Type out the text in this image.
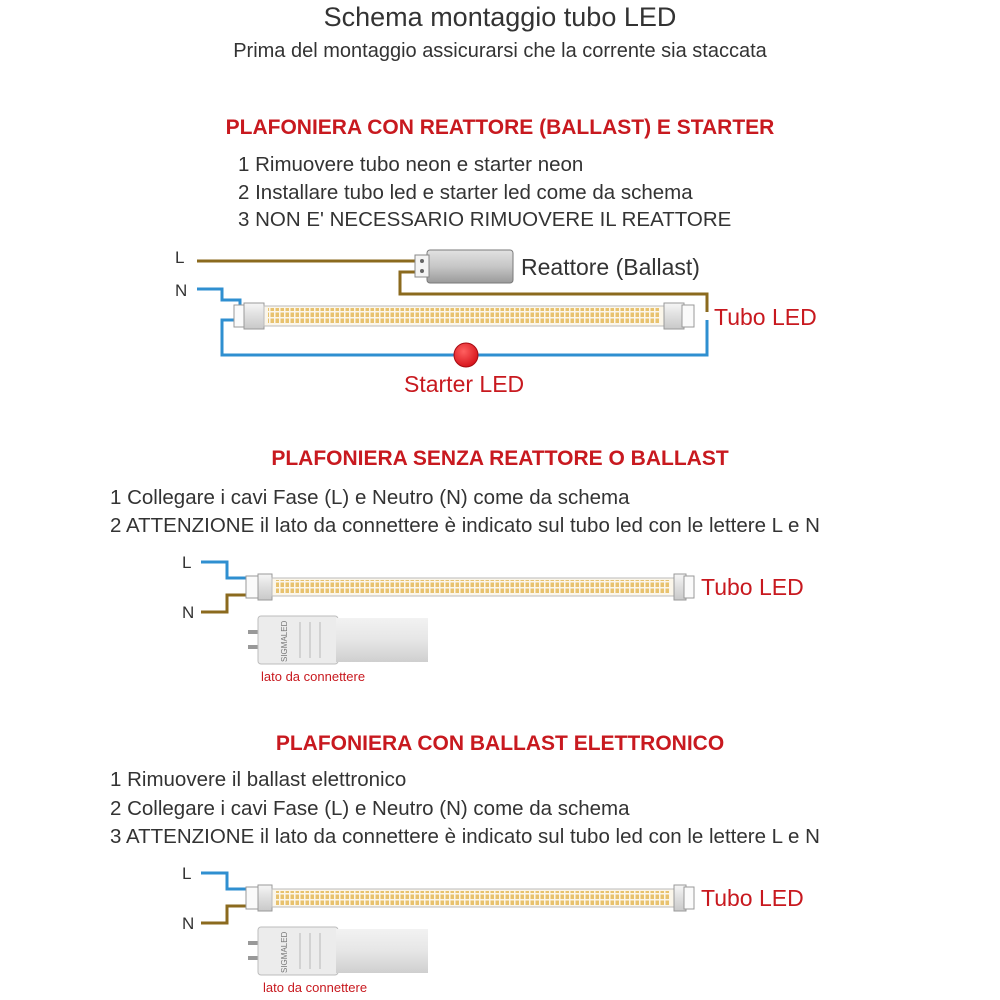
Schema montaggio tubo LED
Prima del montaggio assicurarsi che la corrente sia staccata
PLAFONIERA CON REATTORE (BALLAST) E STARTER
1 Rimuovere tubo neon e starter neon
2 Installare tubo led e starter led come da schema
3 NON E' NECESSARIO RIMUOVERE IL REATTORE
L
N
Reattore (Ballast)
Tubo LED
Starter LED
PLAFONIERA SENZA REATTORE O BALLAST
1 Collegare i cavi Fase (L) e Neutro (N) come da schema
2 ATTENZIONE il lato da connettere è indicato sul tubo led con le lettere L e N
L
N
Tubo LED
lato da connettere
PLAFONIERA CON BALLAST ELETTRONICO
1 Rimuovere il ballast elettronico
2 Collegare i cavi Fase (L) e Neutro (N) come da schema
3 ATTENZIONE il lato da connettere è indicato sul tubo led con le lettere L e N
L
N
Tubo LED
lato da connettere
SIGMALED
SIGMALED
